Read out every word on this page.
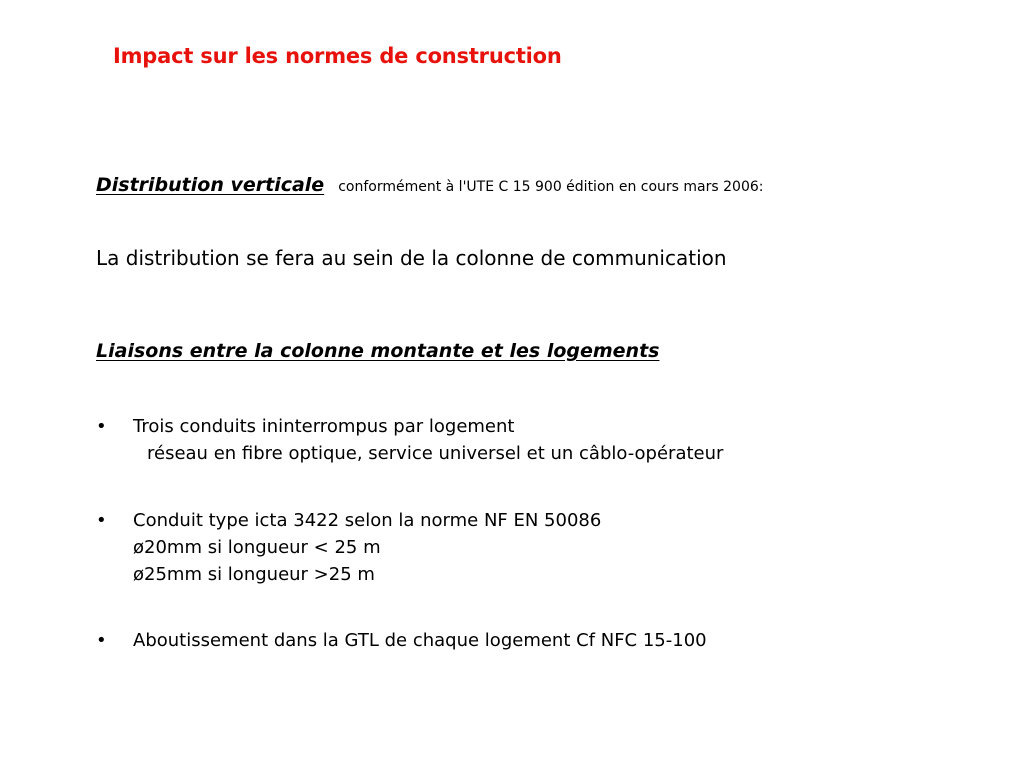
Impact sur les normes de construction
Distribution verticale conformément à l'UTE C 15 900 édition en cours mars 2006:
La distribution se fera au sein de la colonne de communication
Liaisons entre la colonne montante et les logements
•	Trois conduits ininterrompus par logement
réseau en fibre optique, service universel et un câblo-opérateur
•	Conduit type icta 3422 selon la norme NF EN 50086
ø20mm si longueur < 25 m
ø25mm si longueur >25 m
•	Aboutissement dans la GTL de chaque logement Cf NFC 15-100
